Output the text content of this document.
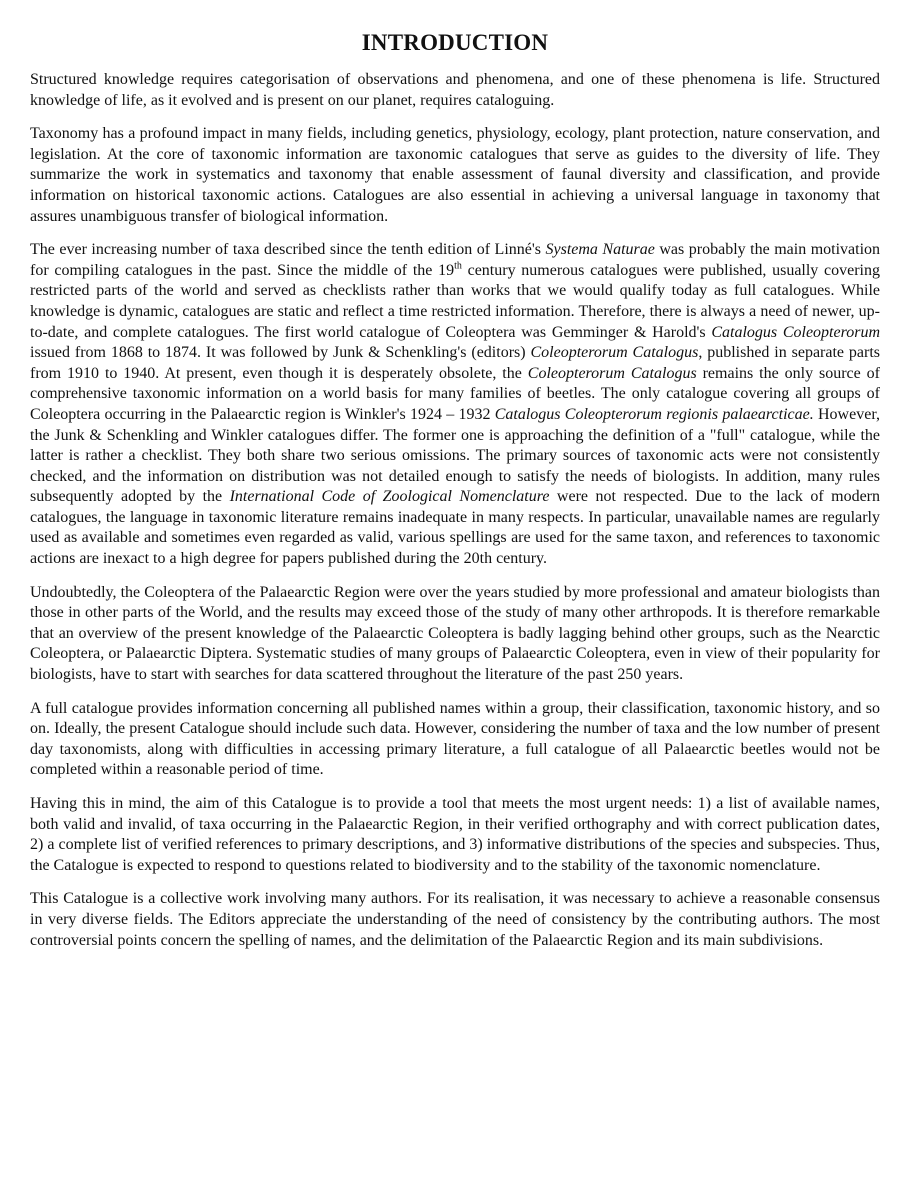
INTRODUCTION

Structured knowledge requires categorisation of observations and phenomena, and one of these phenomena is life. Structured knowledge of life, as it evolved and is present on our planet, requires cataloguing.

Taxonomy has a profound impact in many fields, including genetics, physiology, ecology, plant protection, nature conservation, and legislation. At the core of taxonomic information are taxonomic catalogues that serve as guides to the diversity of life. They summarize the work in systematics and taxonomy that enable assessment of faunal diversity and classification, and provide information on historical taxonomic actions. Catalogues are also essential in achieving a universal language in taxonomy that assures unambiguous transfer of biological information.

The ever increasing number of taxa described since the tenth edition of Linné's Systema Naturae was probably the main motivation for compiling catalogues in the past. Since the middle of the 19th century numerous catalogues were published, usually covering restricted parts of the world and served as checklists rather than works that we would qualify today as full catalogues. While knowledge is dynamic, catalogues are static and reflect a time restricted information. Therefore, there is always a need of newer, up-to-date, and complete catalogues. The first world catalogue of Coleoptera was Gemminger & Harold's Catalogus Coleopterorum issued from 1868 to 1874. It was followed by Junk & Schenkling's (editors) Coleopterorum Catalogus, published in separate parts from 1910 to 1940. At present, even though it is desperately obsolete, the Coleopterorum Catalogus remains the only source of comprehensive taxonomic information on a world basis for many families of beetles. The only catalogue covering all groups of Coleoptera occurring in the Palaearctic region is Winkler's 1924 – 1932 Catalogus Coleopterorum regionis palaearcticae. However, the Junk & Schenkling and Winkler catalogues differ. The former one is approaching the definition of a "full" catalogue, while the latter is rather a checklist. They both share two serious omissions. The primary sources of taxonomic acts were not consistently checked, and the information on distribution was not detailed enough to satisfy the needs of biologists. In addition, many rules subsequently adopted by the International Code of Zoological Nomenclature were not respected. Due to the lack of modern catalogues, the language in taxonomic literature remains inadequate in many respects. In particular, unavailable names are regularly used as available and sometimes even regarded as valid, various spellings are used for the same taxon, and references to taxonomic actions are inexact to a high degree for papers published during the 20th century.

Undoubtedly, the Coleoptera of the Palaearctic Region were over the years studied by more professional and amateur biologists than those in other parts of the World, and the results may exceed those of the study of many other arthropods. It is therefore remarkable that an overview of the present knowledge of the Palaearctic Coleoptera is badly lagging behind other groups, such as the Nearctic Coleoptera, or Palaearctic Diptera. Systematic studies of many groups of Palaearctic Coleoptera, even in view of their popularity for biologists, have to start with searches for data scattered throughout the literature of the past 250 years.

A full catalogue provides information concerning all published names within a group, their classification, taxonomic history, and so on. Ideally, the present Catalogue should include such data. However, considering the number of taxa and the low number of present day taxonomists, along with difficulties in accessing primary literature, a full catalogue of all Palaearctic beetles would not be completed within a reasonable period of time.

Having this in mind, the aim of this Catalogue is to provide a tool that meets the most urgent needs: 1) a list of available names, both valid and invalid, of taxa occurring in the Palaearctic Region, in their verified orthography and with correct publication dates, 2) a complete list of verified references to primary descriptions, and 3) informative distributions of the species and subspecies. Thus, the Catalogue is expected to respond to questions related to biodiversity and to the stability of the taxonomic nomenclature.

This Catalogue is a collective work involving many authors. For its realisation, it was necessary to achieve a reasonable consensus in very diverse fields. The Editors appreciate the understanding of the need of consistency by the contributing authors. The most controversial points concern the spelling of names, and the delimitation of the Palaearctic Region and its main subdivisions.
